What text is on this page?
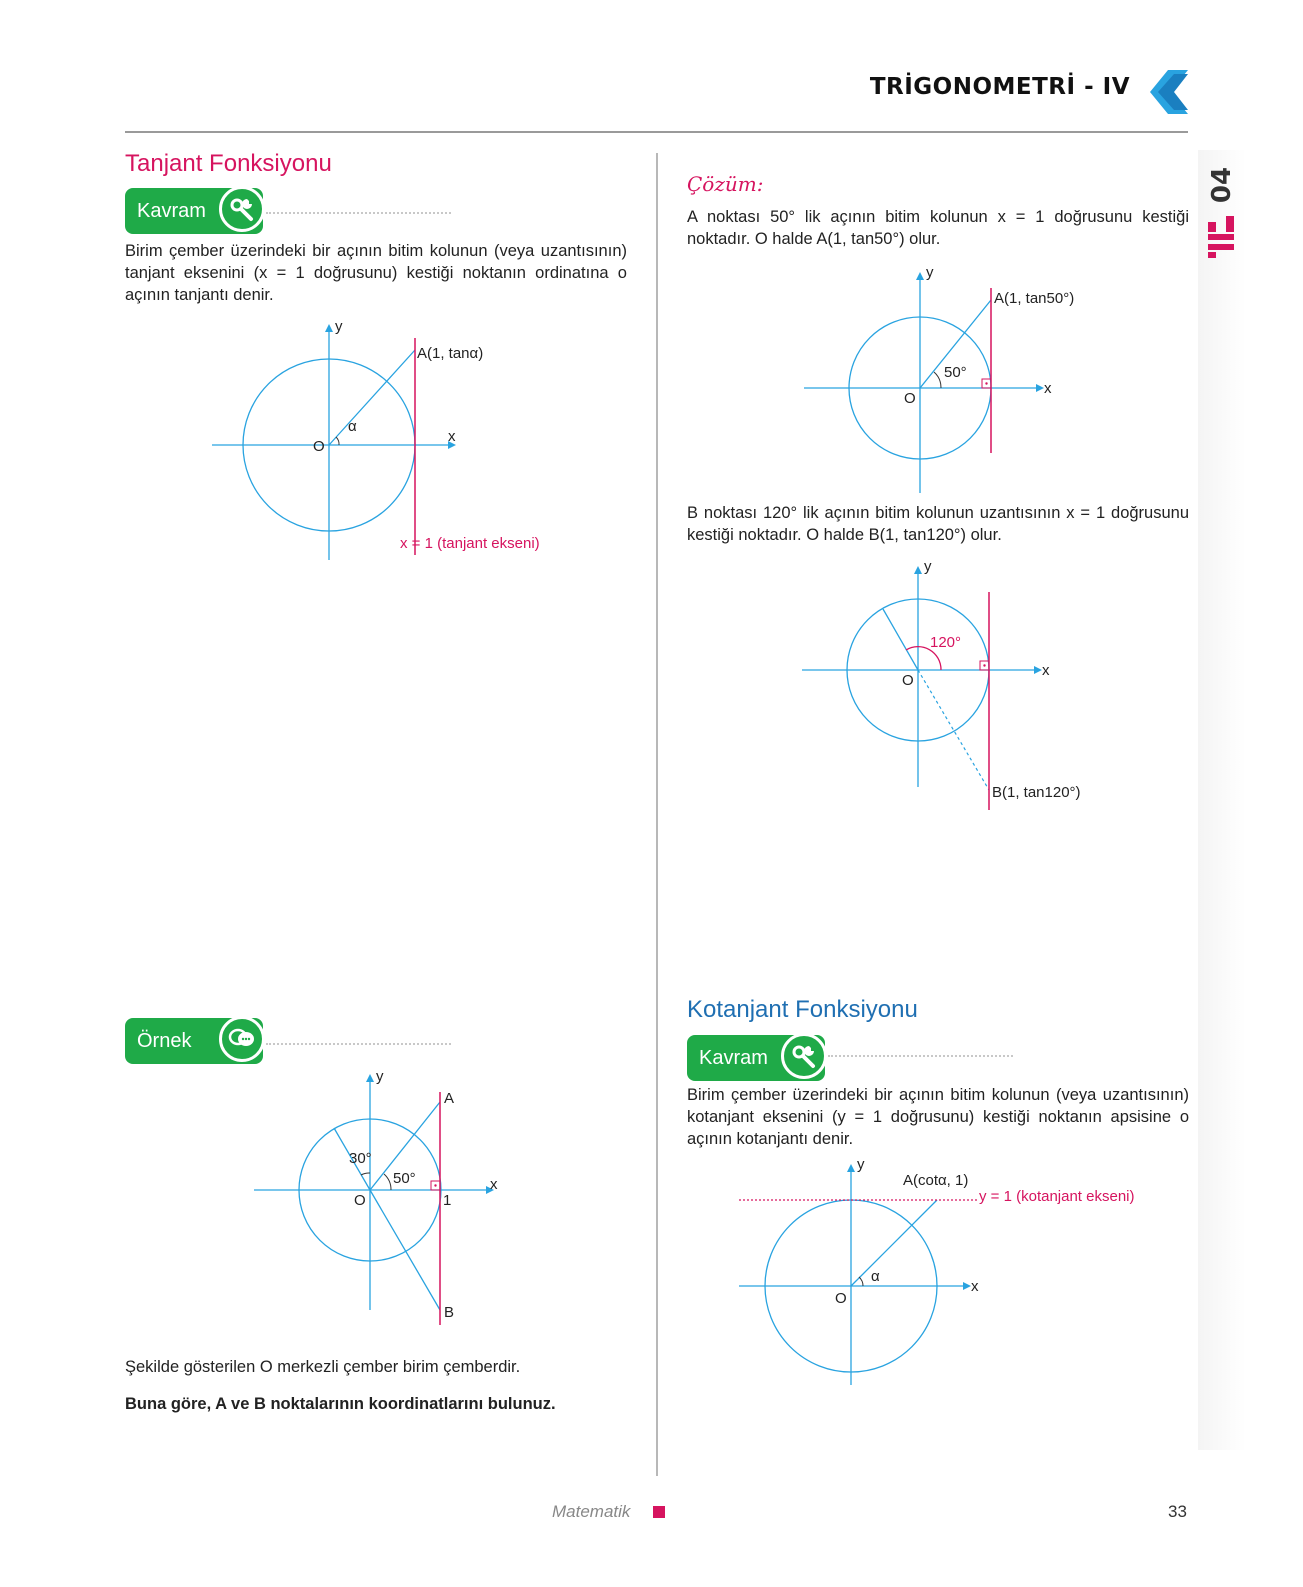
TRİGONOMETRİ - IV
04
Tanjant Fonksiyonu
Kavram
Birim çember üzerindeki bir açının bitim kolunun (veya uzantısının) tanjant eksenini (x = 1 doğrusunu) kestiği noktanın ordinatına o açının tanjantı denir.
y
x
O
α
A(1, tanα)
x = 1 (tanjant ekseni)
Örnek
y
x
O	1
A
B
30°
50°
Şekilde gösterilen O merkezli çember birim çemberdir.
Buna göre, A ve B noktalarının koordinatlarını bulunuz.
Çözüm:
A noktası 50° lik açının bitim kolunun x = 1 doğrusunu kestiği noktadır. O halde A(1, tan50°) olur.
y
x
O
50°
A(1, tan50°)
B noktası 120° lik açının bitim kolunun uzantısının x = 1 doğrusunu kestiği noktadır. O halde B(1, tan120°) olur.
y
x
O
120°
B(1, tan120°)
Kotanjant Fonksiyonu
Kavram
Birim çember üzerindeki bir açının bitim kolunun (veya uzantısının) kotanjant eksenini (y = 1 doğrusunu) kestiği noktanın apsisine o açının kotanjantı denir.
y
x
O
α
A(cotα, 1)
y = 1 (kotanjant ekseni)
Matematik	33
